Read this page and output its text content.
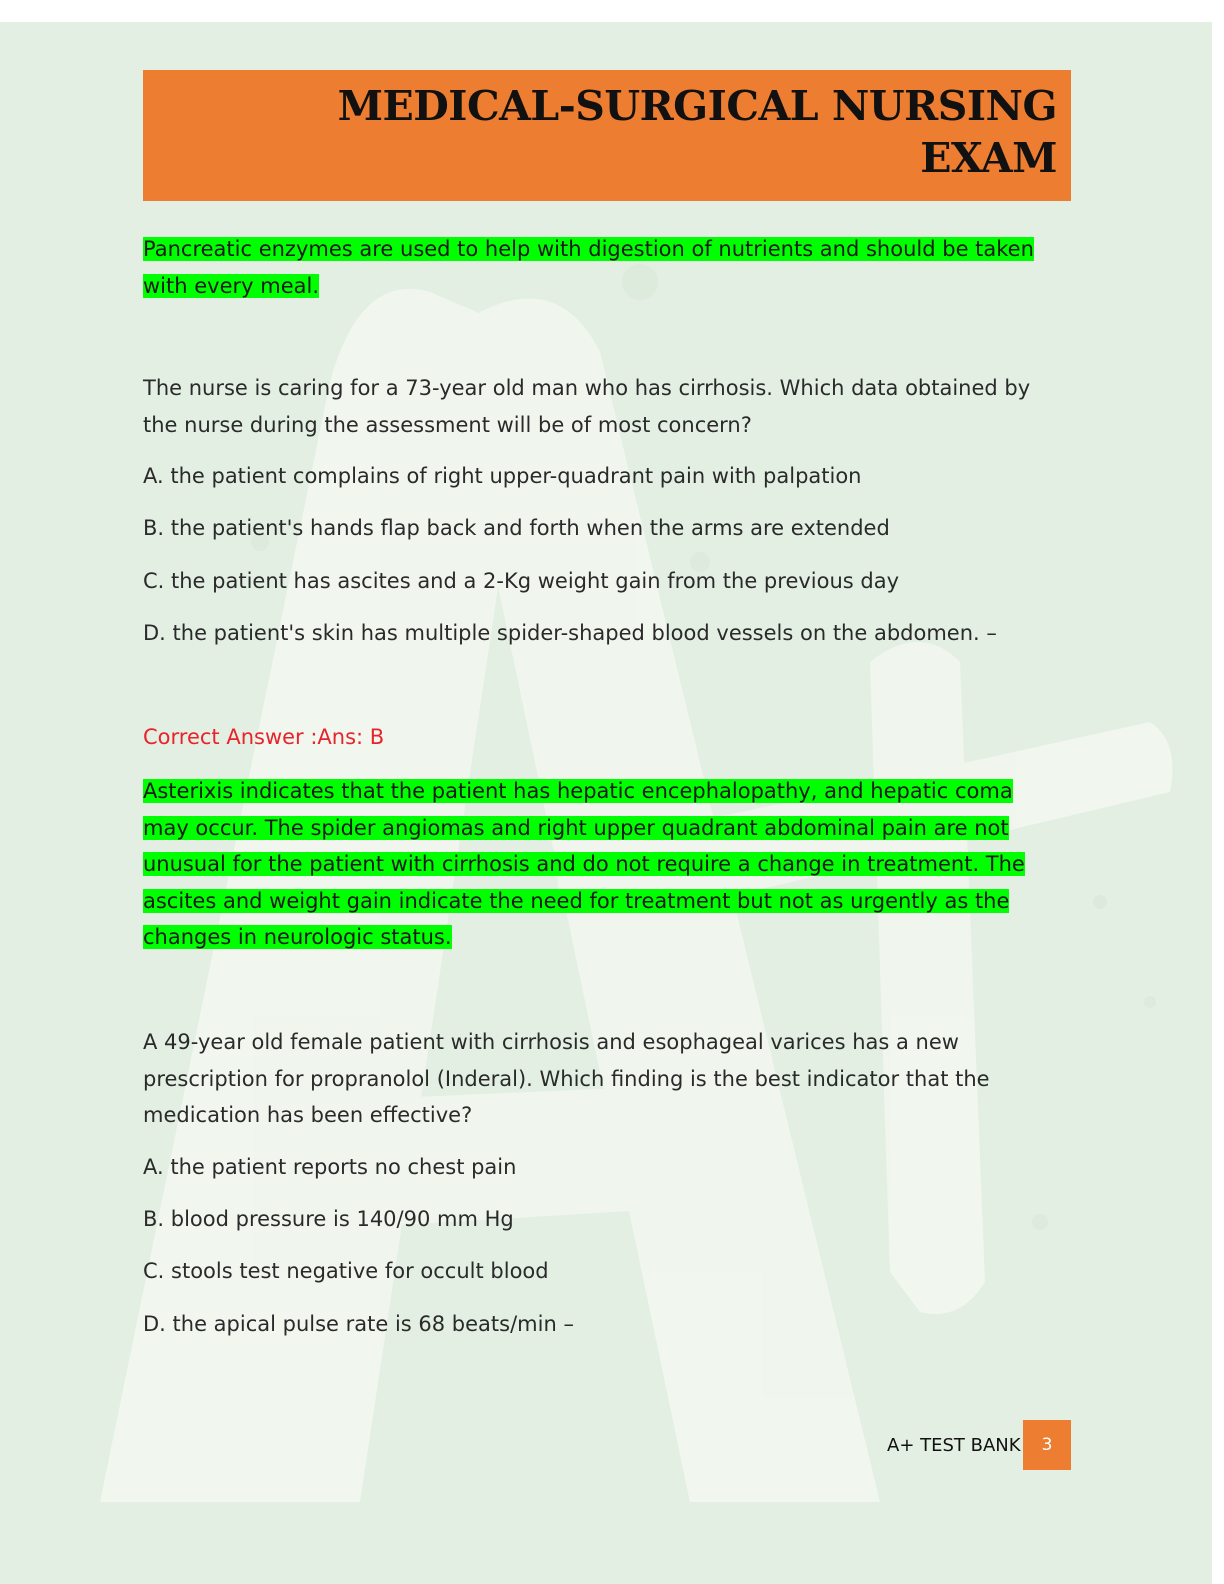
MEDICAL-SURGICAL NURSING
EXAM

Pancreatic enzymes are used to help with digestion of nutrients and should be taken with every meal.

The nurse is caring for a 73-year old man who has cirrhosis. Which data obtained by the nurse during the assessment will be of most concern?

A. the patient complains of right upper-quadrant pain with palpation

B. the patient's hands flap back and forth when the arms are extended

C. the patient has ascites and a 2-Kg weight gain from the previous day

D. the patient's skin has multiple spider-shaped blood vessels on the abdomen. –

Correct Answer :Ans: B

Asterixis indicates that the patient has hepatic encephalopathy, and hepatic coma may occur. The spider angiomas and right upper quadrant abdominal pain are not unusual for the patient with cirrhosis and do not require a change in treatment. The ascites and weight gain indicate the need for treatment but not as urgently as the changes in neurologic status.

A 49-year old female patient with cirrhosis and esophageal varices has a new prescription for propranolol (Inderal). Which finding is the best indicator that the medication has been effective?

A. the patient reports no chest pain

B. blood pressure is 140/90 mm Hg

C. stools test negative for occult blood

D. the apical pulse rate is 68 beats/min –

A+ TEST BANK	3
